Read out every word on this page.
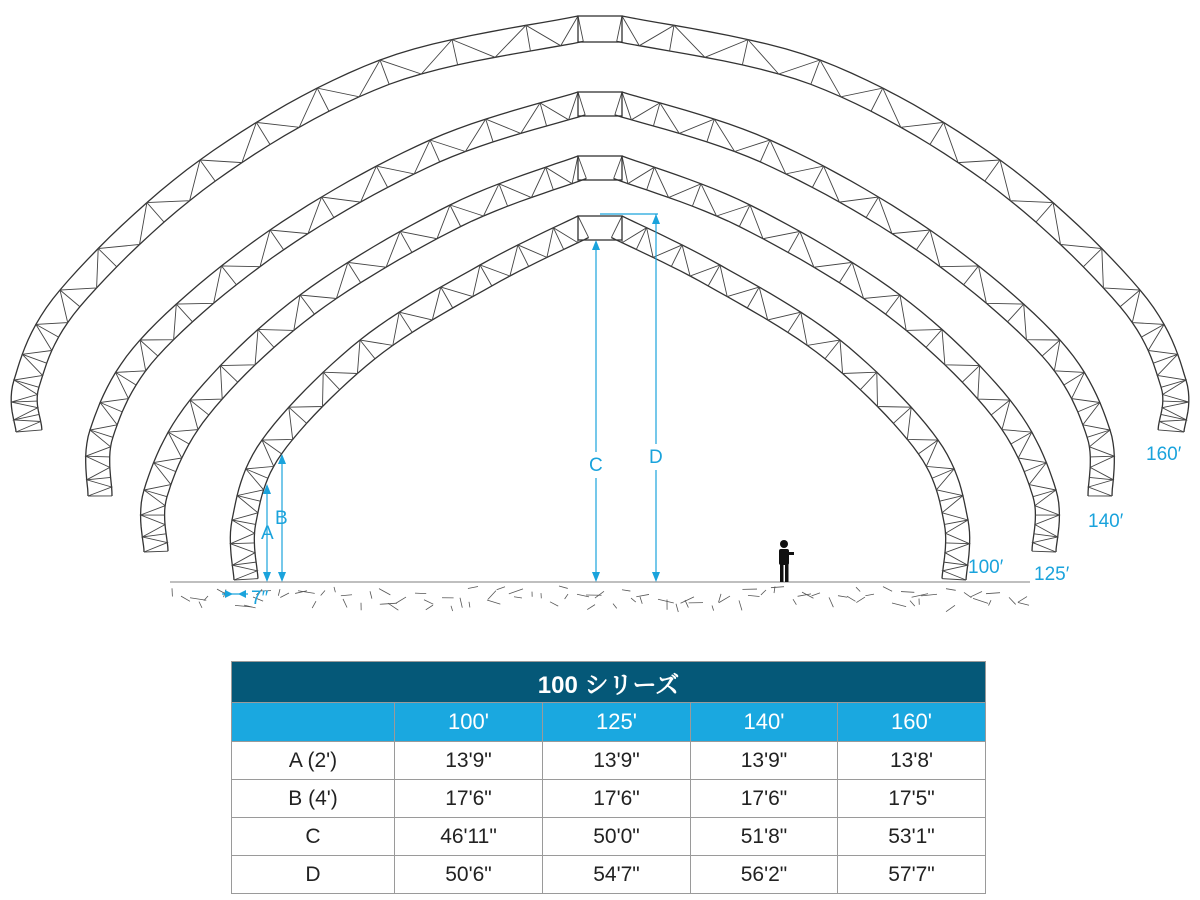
A
B
C D
7″
100′ 125′
140′
160′
100 シリーズ				
	100'	125'	140'	160'
A (2')	13'9"	13'9"	13'9"	13'8'
B (4')	17'6"	17'6"	17'6"	17'5"
C	46'11"	50'0"	51'8"	53'1"
D	50'6"	54'7"	56'2"	57'7"
